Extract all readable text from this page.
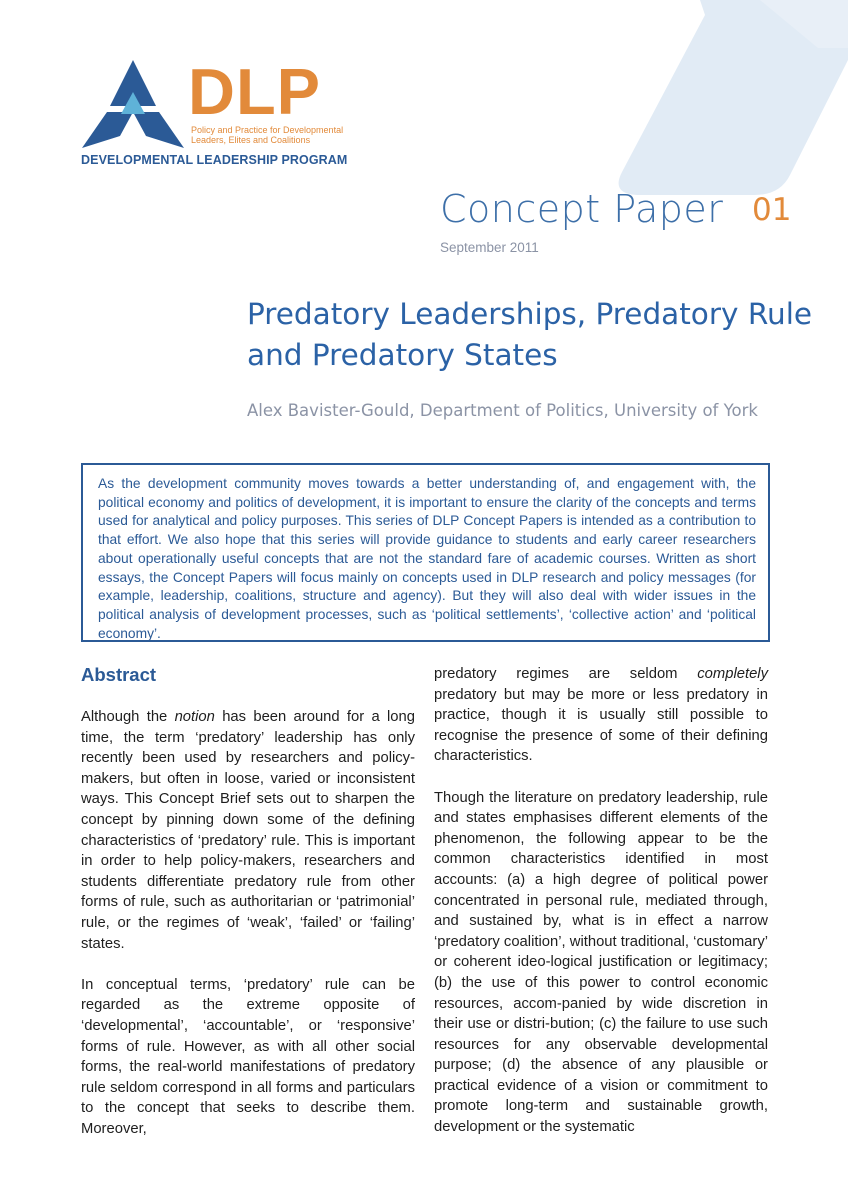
DLP
Policy and Practice for Developmental
Leaders, Elites and Coalitions
DEVELOPMENTAL LEADERSHIP PROGRAM
Concept Paper 01
September 2011
Predatory Leaderships, Predatory Rule
and Predatory States
Alex Bavister-Gould, Department of Politics, University of York
As the development community moves towards a better understanding of, and engagement with, the political economy and politics of development, it is important to ensure the clarity of the concepts and terms used for analytical and policy purposes. This series of DLP Concept Papers is intended as a contribution to that effort. We also hope that this series will provide guidance to students and early career researchers about operationally useful concepts that are not the standard fare of academic courses. Written as short essays, the Concept Papers will focus mainly on concepts used in DLP research and policy messages (for example, leadership, coalitions, structure and agency). But they will also deal with wider issues in the political analysis of development processes, such as ‘political settlements’, ‘collective action’ and ‘political economy’.
Abstract

Although the notion has been around for a long time, the term ‘predatory’ leadership has only recently been used by researchers and policy-makers, but often in loose, varied or inconsistent ways. This Concept Brief sets out to sharpen the concept by pinning down some of the defining characteristics of ‘predatory’ rule. This is important in order to help policy-makers, researchers and students differentiate predatory rule from other forms of rule, such as authoritarian or ‘patrimonial’ rule, or the regimes of ‘weak’, ‘failed’ or ‘failing’ states.

In conceptual terms, ‘predatory’ rule can be regarded as the extreme opposite of ‘developmental’, ‘accountable’, or ‘responsive’ forms of rule. However, as with all other social forms, the real-world manifestations of predatory rule seldom correspond in all forms and particulars to the concept that seeks to describe them. Moreover,

predatory regimes are seldom completely predatory but may be more or less predatory in practice, though it is usually still possible to recognise the presence of some of their defining characteristics.

Though the literature on predatory leadership, rule and states emphasises different elements of the phenomenon, the following appear to be the common characteristics identified in most accounts: (a) a high degree of political power concentrated in personal rule, mediated through, and sustained by, what is in effect a narrow ‘predatory coalition’, without traditional, ‘customary’ or coherent ideo-logical justification or legitimacy; (b) the use of this power to control economic resources, accom-panied by wide discretion in their use or distri-bution; (c) the failure to use such resources for any observable developmental purpose; (d) the absence of any plausible or practical evidence of a vision or commitment to promote long-term and sustainable growth, development or the systematic
